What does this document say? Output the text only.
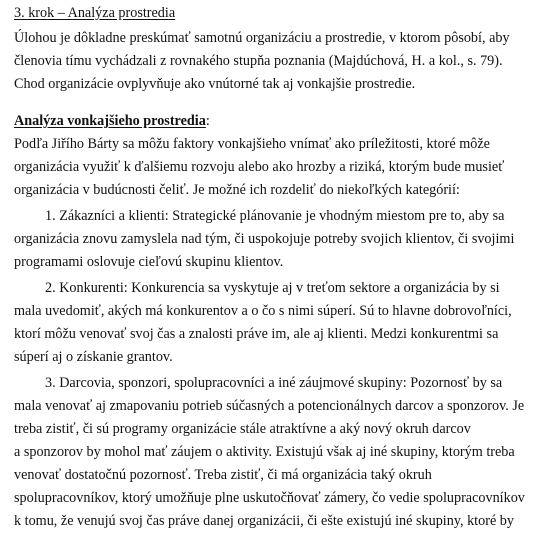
3. krok – Analýza prostredia
Úlohou je dôkladne preskúmať samotnú organizáciu a prostredie, v ktorom pôsobí, aby
členovia tímu vychádzali z rovnakého stupňa poznania (Majdúchová, H. a kol., s. 79).
Chod organizácie ovplyvňuje ako vnútorné tak aj vonkajšie prostredie.
Analýza vonkajšieho prostredia:
Podľa Jiřího Bárty sa môžu faktory vonkajšieho vnímať ako príležitosti, ktoré môže
organizácia využiť k ďalšiemu rozvoju alebo ako hrozby a riziká, ktorým bude musieť
organizácia v budúcnosti čeliť. Je možné ich rozdeliť do niekoľkých kategórií:
1. Zákazníci a klienti: Strategické plánovanie je vhodným miestom pre to, aby sa
organizácia znovu zamyslela nad tým, či uspokojuje potreby svojich klientov, či svojimi
programami oslovuje cieľovú skupinu klientov.
2. Konkurenti: Konkurencia sa vyskytuje aj v treťom sektore a organizácia by si
mala uvedomiť, akých má konkurentov a o čo s nimi súperí. Sú to hlavne dobrovoľníci,
ktorí môžu venovať svoj čas a znalosti práve im, ale aj klienti. Medzi konkurentmi sa
súperí aj o získanie grantov.
3. Darcovia, sponzori, spolupracovníci a iné záujmové skupiny: Pozornosť by sa
mala venovať aj zmapovaniu potrieb súčasných a potencionálnych darcov a sponzorov. Je
treba zistiť, či sú programy organizácie stále atraktívne a aký nový okruh darcov
a sponzorov by mohol mať záujem o aktivity. Existujú však aj iné skupiny, ktorým treba
venovať dostatočnú pozornosť. Treba zistiť, či má organizácia taký okruh
spolupracovníkov, ktorý umožňuje plne uskutočňovať zámery, čo vedie spolupracovníkov
k tomu, že venujú svoj čas práve danej organizácii, či ešte existujú iné skupiny, ktoré by
